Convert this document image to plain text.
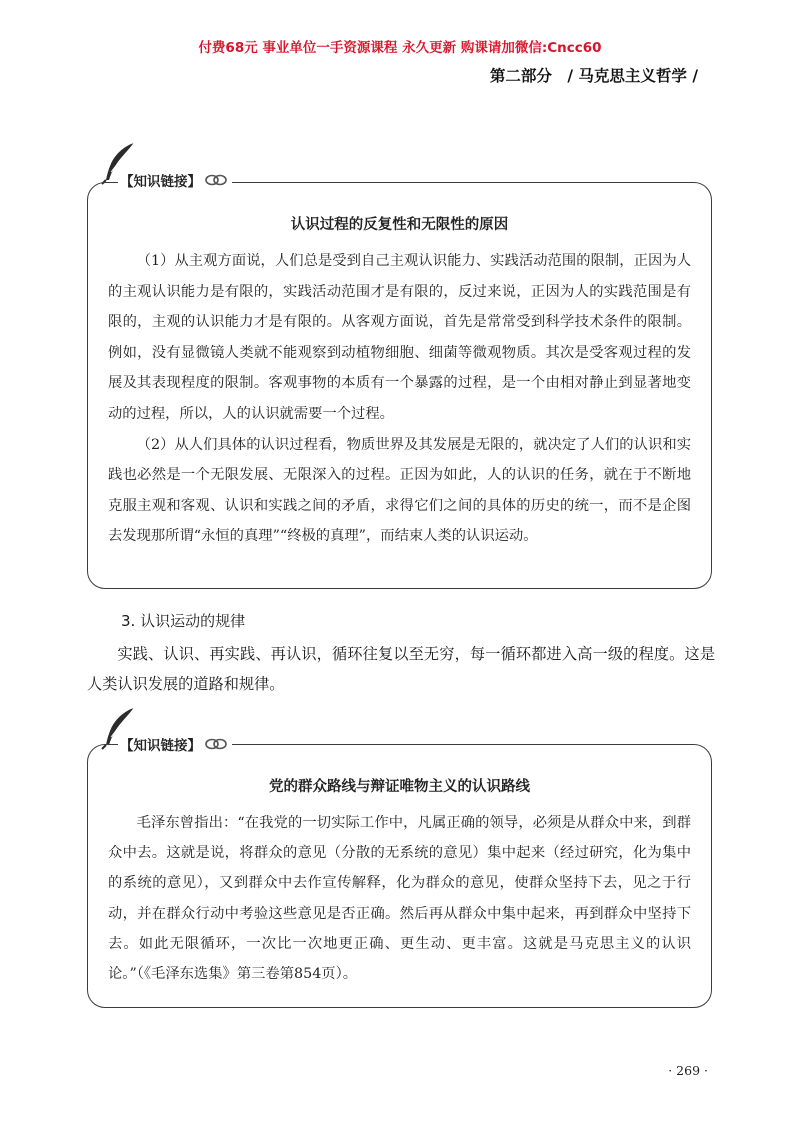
付费68元 事业单位一手资源课程 永久更新 购课请加微信:Cncc60
第二部分　/ 马克思主义哲学 /
认识过程的反复性和无限性的原因

（1）从主观方面说，人们总是受到自己主观认识能力、实践活动范围的限制，正因为人的主观认识能力是有限的，实践活动范围才是有限的，反过来说，正因为人的实践范围是有限的，主观的认识能力才是有限的。从客观方面说，首先是常常受到科学技术条件的限制。例如，没有显微镜人类就不能观察到动植物细胞、细菌等微观物质。其次是受客观过程的发展及其表现程度的限制。客观事物的本质有一个暴露的过程，是一个由相对静止到显著地变动的过程，所以，人的认识就需要一个过程。

（2）从人们具体的认识过程看，物质世界及其发展是无限的，就决定了人们的认识和实践也必然是一个无限发展、无限深入的过程。正因为如此，人的认识的任务，就在于不断地克服主观和客观、认识和实践之间的矛盾，求得它们之间的具体的历史的统一，而不是企图去发现那所谓“永恒的真理”“终极的真理”，而结束人类的认识运动。

【知识链接】
3. 认识运动的规律

实践、认识、再实践、再认识，循环往复以至无穷，每一循环都进入高一级的程度。这是人类认识发展的道路和规律。

党的群众路线与辩证唯物主义的认识路线

毛泽东曾指出：“在我党的一切实际工作中，凡属正确的领导，必须是从群众中来，到群众中去。这就是说，将群众的意见（分散的无系统的意见）集中起来（经过研究，化为集中的系统的意见），又到群众中去作宣传解释，化为群众的意见，使群众坚持下去，见之于行动，并在群众行动中考验这些意见是否正确。然后再从群众中集中起来，再到群众中坚持下去。如此无限循环，一次比一次地更正确、更生动、更丰富。这就是马克思主义的认识论。”（《毛泽东选集》第三卷第854页）。

【知识链接】
· 269 ·
